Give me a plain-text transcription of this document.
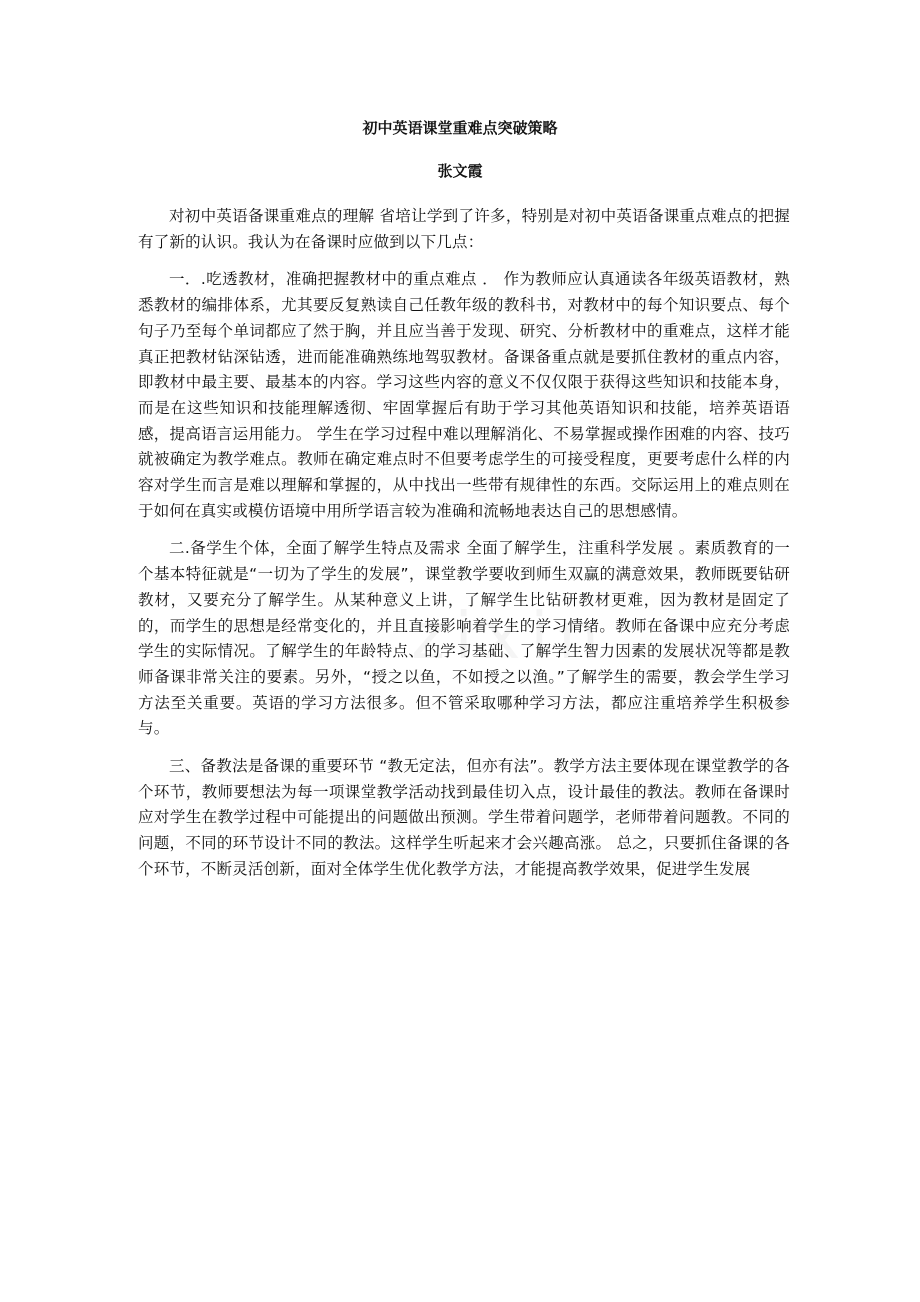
初中英语课堂重难点突破策略
张文霞

对初中英语备课重难点的理解 省培让学到了许多，特别是对初中英语备课重点难点的把握有了新的认识。我认为在备课时应做到以下几点：

一．.吃透教材，准确把握教材中的重点难点 ． 作为教师应认真通读各年级英语教材，熟悉教材的编排体系，尤其要反复熟读自己任教年级的教科书，对教材中的每个知识要点、每个句子乃至每个单词都应了然于胸，并且应当善于发现、研究、分析教材中的重难点，这样才能真正把教材钻深钻透，进而能准确熟练地驾驭教材。备课备重点就是要抓住教材的重点内容，即教材中最主要、最基本的内容。学习这些内容的意义不仅仅限于获得这些知识和技能本身，而是在这些知识和技能理解透彻、牢固掌握后有助于学习其他英语知识和技能，培养英语语感，提高语言运用能力。 学生在学习过程中难以理解消化、不易掌握或操作困难的内容、技巧就被确定为教学难点。教师在确定难点时不但要考虑学生的可接受程度，更要考虑什么样的内容对学生而言是难以理解和掌握的，从中找出一些带有规律性的东西。交际运用上的难点则在于如何在真实或模仿语境中用所学语言较为准确和流畅地表达自己的思想感情。

二.备学生个体，全面了解学生特点及需求 全面了解学生，注重科学发展 。素质教育的一个基本特征就是“一切为了学生的发展”，课堂教学要收到师生双赢的满意效果，教师既要钻研教材，又要充分了解学生。从某种意义上讲，了解学生比钻研教材更难，因为教材是固定了的，而学生的思想是经常变化的，并且直接影响着学生的学习情绪。教师在备课中应充分考虑学生的实际情况。了解学生的年龄特点、的学习基础、了解学生智力因素的发展状况等都是教师备课非常关注的要素。另外，“授之以鱼，不如授之以渔。”了解学生的需要，教会学生学习方法至关重要。英语的学习方法很多。但不管采取哪种学习方法，都应注重培养学生积极参与。

三、备教法是备课的重要环节 “教无定法，但亦有法”。教学方法主要体现在课堂教学的各个环节，教师要想法为每一项课堂教学活动找到最佳切入点，设计最佳的教法。教师在备课时应对学生在教学过程中可能提出的问题做出预测。学生带着问题学，老师带着问题教。不同的问题，不同的环节设计不同的教法。这样学生听起来才会兴趣高涨。 总之，只要抓住备课的各个环节，不断灵活创新，面对全体学生优化教学方法，才能提高教学效果，促进学生发展
